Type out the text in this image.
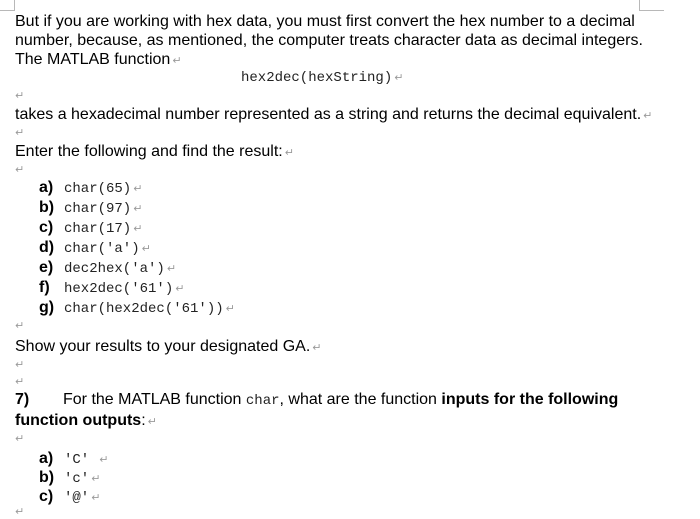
But if you are working with hex data, you must first convert the hex number to a decimal
number, because, as mentioned, the computer treats character data as decimal integers.
The MATLAB function ↵
hex2dec(hexString) ↵
↵
takes a hexadecimal number represented as a string and returns the decimal equivalent. ↵
↵
Enter the following and find the result: ↵
↵
a) char(65) ↵
b) char(97) ↵
c) char(17) ↵
d) char('a') ↵
e) dec2hex('a') ↵
f) hex2dec('61') ↵
g) char(hex2dec('61')) ↵
↵
Show your results to your designated GA. ↵
↵
↵
7) For the MATLAB function char, what are the function inputs for the following
function outputs: ↵
↵
a) 'C' ↵
b) 'c' ↵
c) '@' ↵
↵
